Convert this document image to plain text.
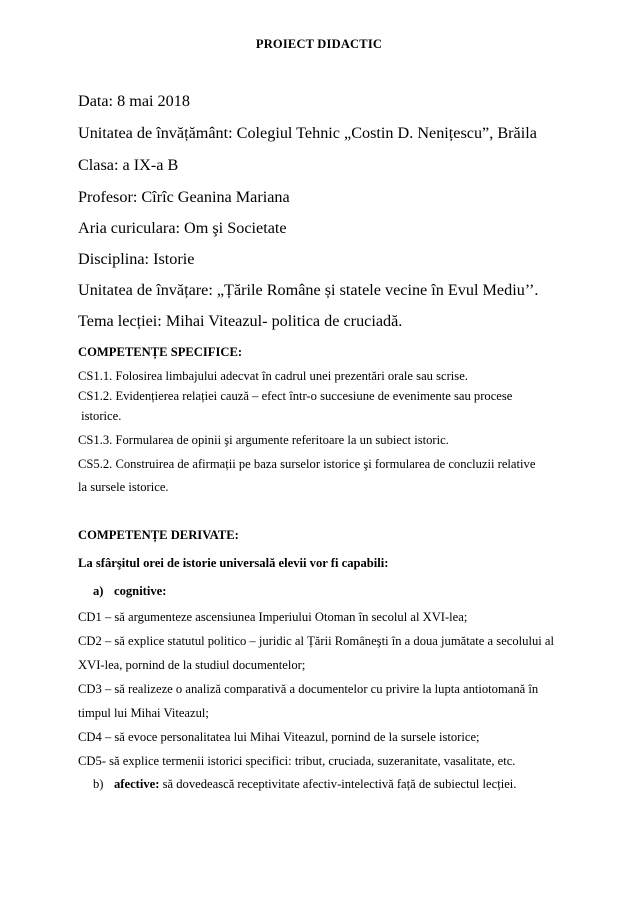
PROIECT DIDACTIC
Data: 8 mai 2018
Unitatea de învățământ: Colegiul Tehnic „Costin D. Nenițescu”, Brăila
Clasa: a IX-a B
Profesor: Cîrîc Geanina Mariana
Aria curiculara: Om şi Societate
Disciplina: Istorie
Unitatea de învățare: „Țările Române și statele vecine în Evul Mediu’’.
Tema lecției: Mihai Viteazul- politica de cruciadă.
COMPETENȚE SPECIFICE:
CS1.1. Folosirea limbajului adecvat în cadrul unei prezentări orale sau scrise.
CS1.2. Evidențierea relației cauză – efect într-o succesiune de evenimente sau procese
istorice.
CS1.3. Formularea de opinii şi argumente referitoare la un subiect istoric.
CS5.2. Construirea de afirmații pe baza surselor istorice şi formularea de concluzii relative
la sursele istorice.
COMPETENȚE DERIVATE:
La sfârşitul orei de istorie universală elevii vor fi capabili:
a) cognitive:
CD1 – să argumenteze ascensiunea Imperiului Otoman în secolul al XVI-lea;
CD2 – să explice statutul politico – juridic al Țării Româneşti în a doua jumătate a secolului al
XVI-lea, pornind de la studiul documentelor;
CD3 – să realizeze o analiză comparativă a documentelor cu privire la lupta antiotomană în
timpul lui Mihai Viteazul;
CD4 – să evoce personalitatea lui Mihai Viteazul, pornind de la sursele istorice;
CD5- să explice termenii istorici specifici: tribut, cruciada, suzeranitate, vasalitate, etc.
b) afective: să dovedească receptivitate afectiv-intelectivă față de subiectul lecției.
